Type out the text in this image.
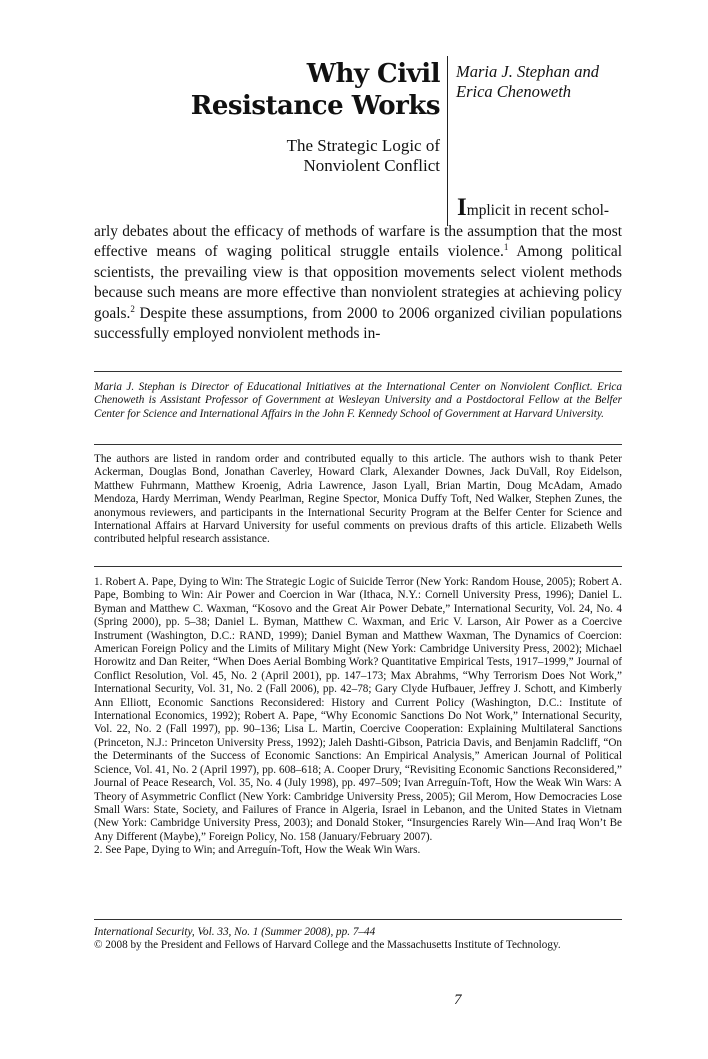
Why Civil
Resistance Works
The Strategic Logic of
Nonviolent Conflict
Maria J. Stephan and
Erica Chenoweth

Implicit in recent schol-
arly debates about the efficacy of methods of warfare is the assumption that the most effective means of waging political struggle entails violence.$^1$ Among political scientists, the prevailing view is that opposition movements select violent methods because such means are more effective than nonviolent strategies at achieving policy goals.$^2$ Despite these assumptions, from 2000 to 2006 organized civilian populations successfully employed nonviolent methods in-

Maria J. Stephan is Director of Educational Initiatives at the International Center on Nonviolent Conflict. Erica Chenoweth is Assistant Professor of Government at Wesleyan University and a Postdoctoral Fellow at the Belfer Center for Science and International Affairs in the John F. Kennedy School of Government at Harvard University.

The authors are listed in random order and contributed equally to this article. The authors wish to thank Peter Ackerman, Douglas Bond, Jonathan Caverley, Howard Clark, Alexander Downes, Jack DuVall, Roy Eidelson, Matthew Fuhrmann, Matthew Kroenig, Adria Lawrence, Jason Lyall, Brian Martin, Doug McAdam, Amado Mendoza, Hardy Merriman, Wendy Pearlman, Regine Spector, Monica Duffy Toft, Ned Walker, Stephen Zunes, the anonymous reviewers, and participants in the International Security Program at the Belfer Center for Science and International Affairs at Harvard University for useful comments on previous drafts of this article. Elizabeth Wells contributed helpful research assistance.

1. Robert A. Pape, Dying to Win: The Strategic Logic of Suicide Terror (New York: Random House, 2005); Robert A. Pape, Bombing to Win: Air Power and Coercion in War (Ithaca, N.Y.: Cornell University Press, 1996); Daniel L. Byman and Matthew C. Waxman, “Kosovo and the Great Air Power Debate,” International Security, Vol. 24, No. 4 (Spring 2000), pp. 5–38; Daniel L. Byman, Matthew C. Waxman, and Eric V. Larson, Air Power as a Coercive Instrument (Washington, D.C.: RAND, 1999); Daniel Byman and Matthew Waxman, The Dynamics of Coercion: American Foreign Policy and the Limits of Military Might (New York: Cambridge University Press, 2002); Michael Horowitz and Dan Reiter, “When Does Aerial Bombing Work? Quantitative Empirical Tests, 1917–1999,” Journal of Conflict Resolution, Vol. 45, No. 2 (April 2001), pp. 147–173; Max Abrahms, “Why Terrorism Does Not Work,” International Security, Vol. 31, No. 2 (Fall 2006), pp. 42–78; Gary Clyde Hufbauer, Jeffrey J. Schott, and Kimberly Ann Elliott, Economic Sanctions Reconsidered: History and Current Policy (Washington, D.C.: Institute of International Economics, 1992); Robert A. Pape, “Why Economic Sanctions Do Not Work,” International Security, Vol. 22, No. 2 (Fall 1997), pp. 90–136; Lisa L. Martin, Coercive Cooperation: Explaining Multilateral Sanctions (Princeton, N.J.: Princeton University Press, 1992); Jaleh Dashti-Gibson, Patricia Davis, and Benjamin Radcliff, “On the Determinants of the Success of Economic Sanctions: An Empirical Analysis,” American Journal of Political Science, Vol. 41, No. 2 (April 1997), pp. 608–618; A. Cooper Drury, “Revisiting Economic Sanctions Reconsidered,” Journal of Peace Research, Vol. 35, No. 4 (July 1998), pp. 497–509; Ivan Arreguín-Toft, How the Weak Win Wars: A Theory of Asymmetric Conflict (New York: Cambridge University Press, 2005); Gil Merom, How Democracies Lose Small Wars: State, Society, and Failures of France in Algeria, Israel in Lebanon, and the United States in Vietnam (New York: Cambridge University Press, 2003); and Donald Stoker, “Insurgencies Rarely Win—And Iraq Won’t Be Any Different (Maybe),” Foreign Policy, No. 158 (January/February 2007).

2. See Pape, Dying to Win; and Arreguín-Toft, How the Weak Win Wars.

International Security, Vol. 33, No. 1 (Summer 2008), pp. 7–44

© 2008 by the President and Fellows of Harvard College and the Massachusetts Institute of Technology.

7
